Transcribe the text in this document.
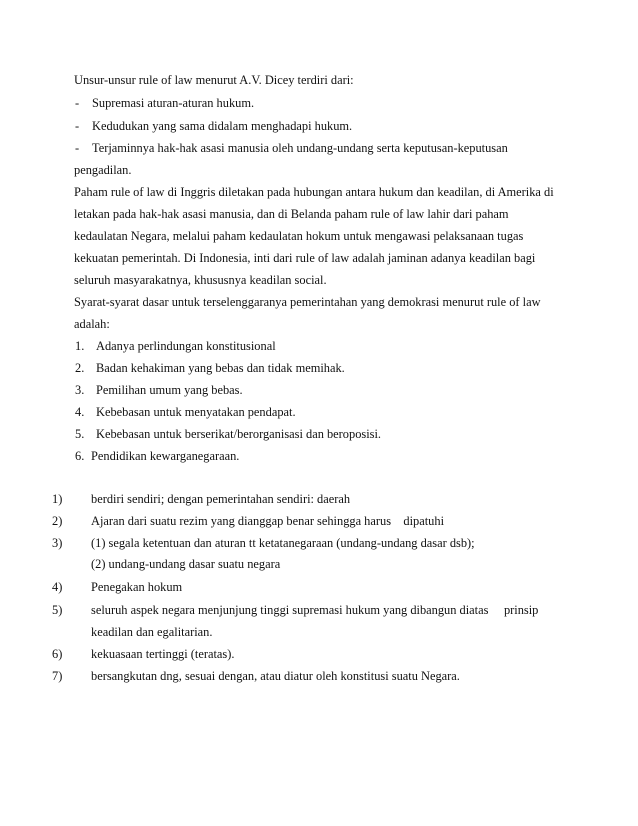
Unsur-unsur rule of law menurut A.V. Dicey terdiri dari:
- Supremasi aturan-aturan hukum.
- Kedudukan yang sama didalam menghadapi hukum.
- Terjaminnya hak-hak asasi manusia oleh undang-undang serta keputusan-keputusan
pengadilan.
Paham rule of law di Inggris diletakan pada hubungan antara hukum dan keadilan, di Amerika di
letakan pada hak-hak asasi manusia, dan di Belanda paham rule of law lahir dari paham
kedaulatan Negara, melalui paham kedaulatan hokum untuk mengawasi pelaksanaan tugas
kekuatan pemerintah. Di Indonesia, inti dari rule of law adalah jaminan adanya keadilan bagi
seluruh masyarakatnya, khususnya keadilan social.
Syarat-syarat dasar untuk terselenggaranya pemerintahan yang demokrasi menurut rule of law
adalah:
1. Adanya perlindungan konstitusional
2. Badan kehakiman yang bebas dan tidak memihak.
3. Pemilihan umum yang bebas.
4. Kebebasan untuk menyatakan pendapat.
5. Kebebasan untuk berserikat/berorganisasi dan beroposisi.
6. Pendidikan kewarganegaraan.
1) berdiri sendiri; dengan pemerintahan sendiri: daerah
2) Ajaran dari suatu rezim yang dianggap benar sehingga harus    dipatuhi
3) (1) segala ketentuan dan aturan tt ketatanegaraan (undang-undang dasar dsb);
(2) undang-undang dasar suatu negara
4) Penegakan hokum
5) seluruh aspek negara menjunjung tinggi supremasi hukum yang dibangun diatas     prinsip
keadilan dan egalitarian.
6) kekuasaan tertinggi (teratas).
7) bersangkutan dng, sesuai dengan, atau diatur oleh konstitusi suatu Negara.
